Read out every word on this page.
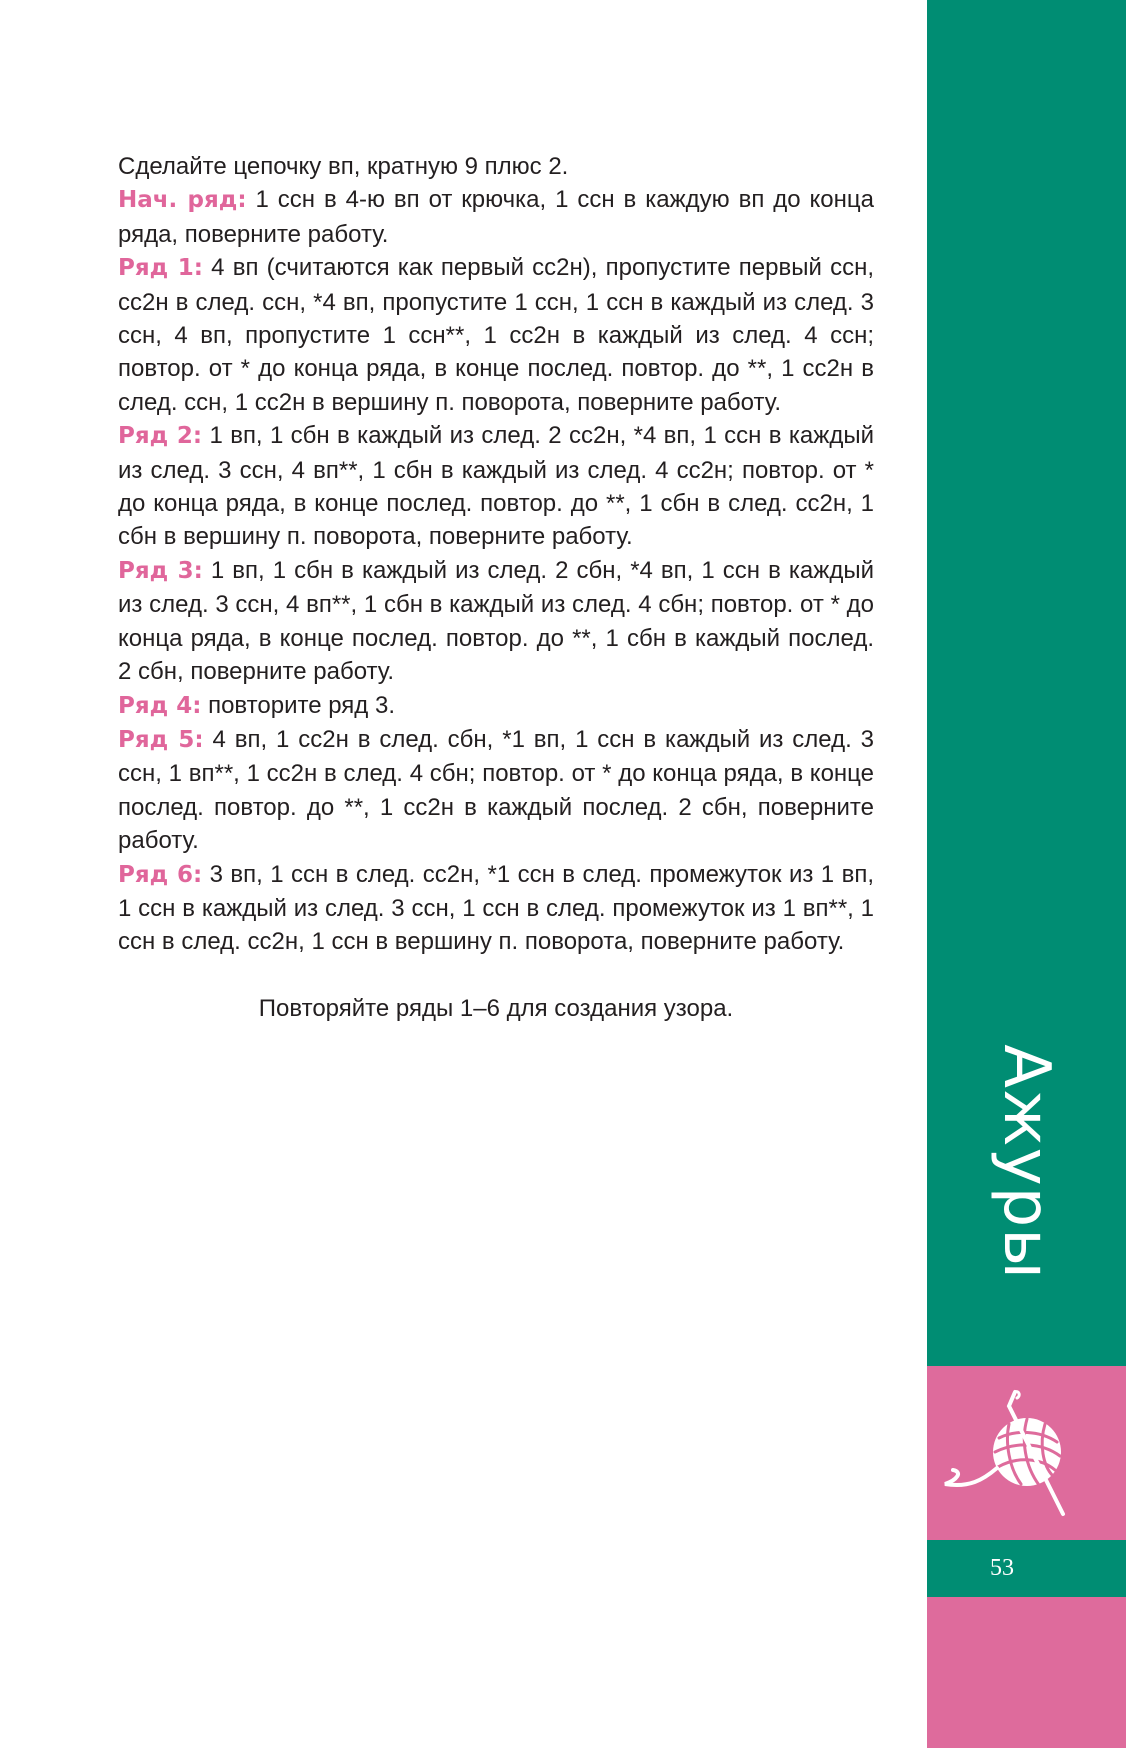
Сделайте цепочку вп, кратную 9 плюс 2.

Нач. ряд: 1 ссн в 4-ю вп от крючка, 1 ссн в каждую вп до конца ряда, поверните работу.

Ряд 1: 4 вп (считаются как первый сс2н), пропустите первый ссн, сс2н в след. ссн, *4 вп, пропустите 1 ссн, 1 ссн в каждый из след. 3 ссн, 4 вп, пропустите 1 ссн**, 1 сс2н в каждый из след. 4 ссн; повтор. от * до конца ряда, в конце послед. повтор. до **, 1 сс2н в след. ссн, 1 сс2н в вершину п. поворота, поверните работу.

Ряд 2: 1 вп, 1 сбн в каждый из след. 2 сс2н, *4 вп, 1 ссн в каждый из след. 3 ссн, 4 вп**, 1 сбн в каждый из след. 4 сс2н; повтор. от * до конца ряда, в конце послед. повтор. до **, 1 сбн в след. сс2н, 1 сбн в вершину п. поворота, поверните работу.

Ряд 3: 1 вп, 1 сбн в каждый из след. 2 сбн, *4 вп, 1 ссн в каждый из след. 3 ссн, 4 вп**, 1 сбн в каждый из след. 4 сбн; повтор. от * до конца ряда, в конце послед. повтор. до **, 1 сбн в каждый послед. 2 сбн, поверните работу.

Ряд 4: повторите ряд 3.

Ряд 5: 4 вп, 1 сс2н в след. сбн, *1 вп, 1 ссн в каждый из след. 3 ссн, 1 вп**, 1 сс2н в след. 4 сбн; повтор. от * до конца ряда, в конце послед. повтор. до **, 1 сс2н в каждый послед. 2 сбн, поверните работу.

Ряд 6: 3 вп, 1 ссн в след. сс2н, *1 ссн в след. промежуток из 1 вп, 1 ссн в каждый из след. 3 ссн, 1 ссн в след. промежуток из 1 вп**, 1 ссн в след. сс2н, 1 ссн в вершину п. поворота, поверните работу.

Повторяйте ряды 1–6 для создания узора.

Ажуры
53
